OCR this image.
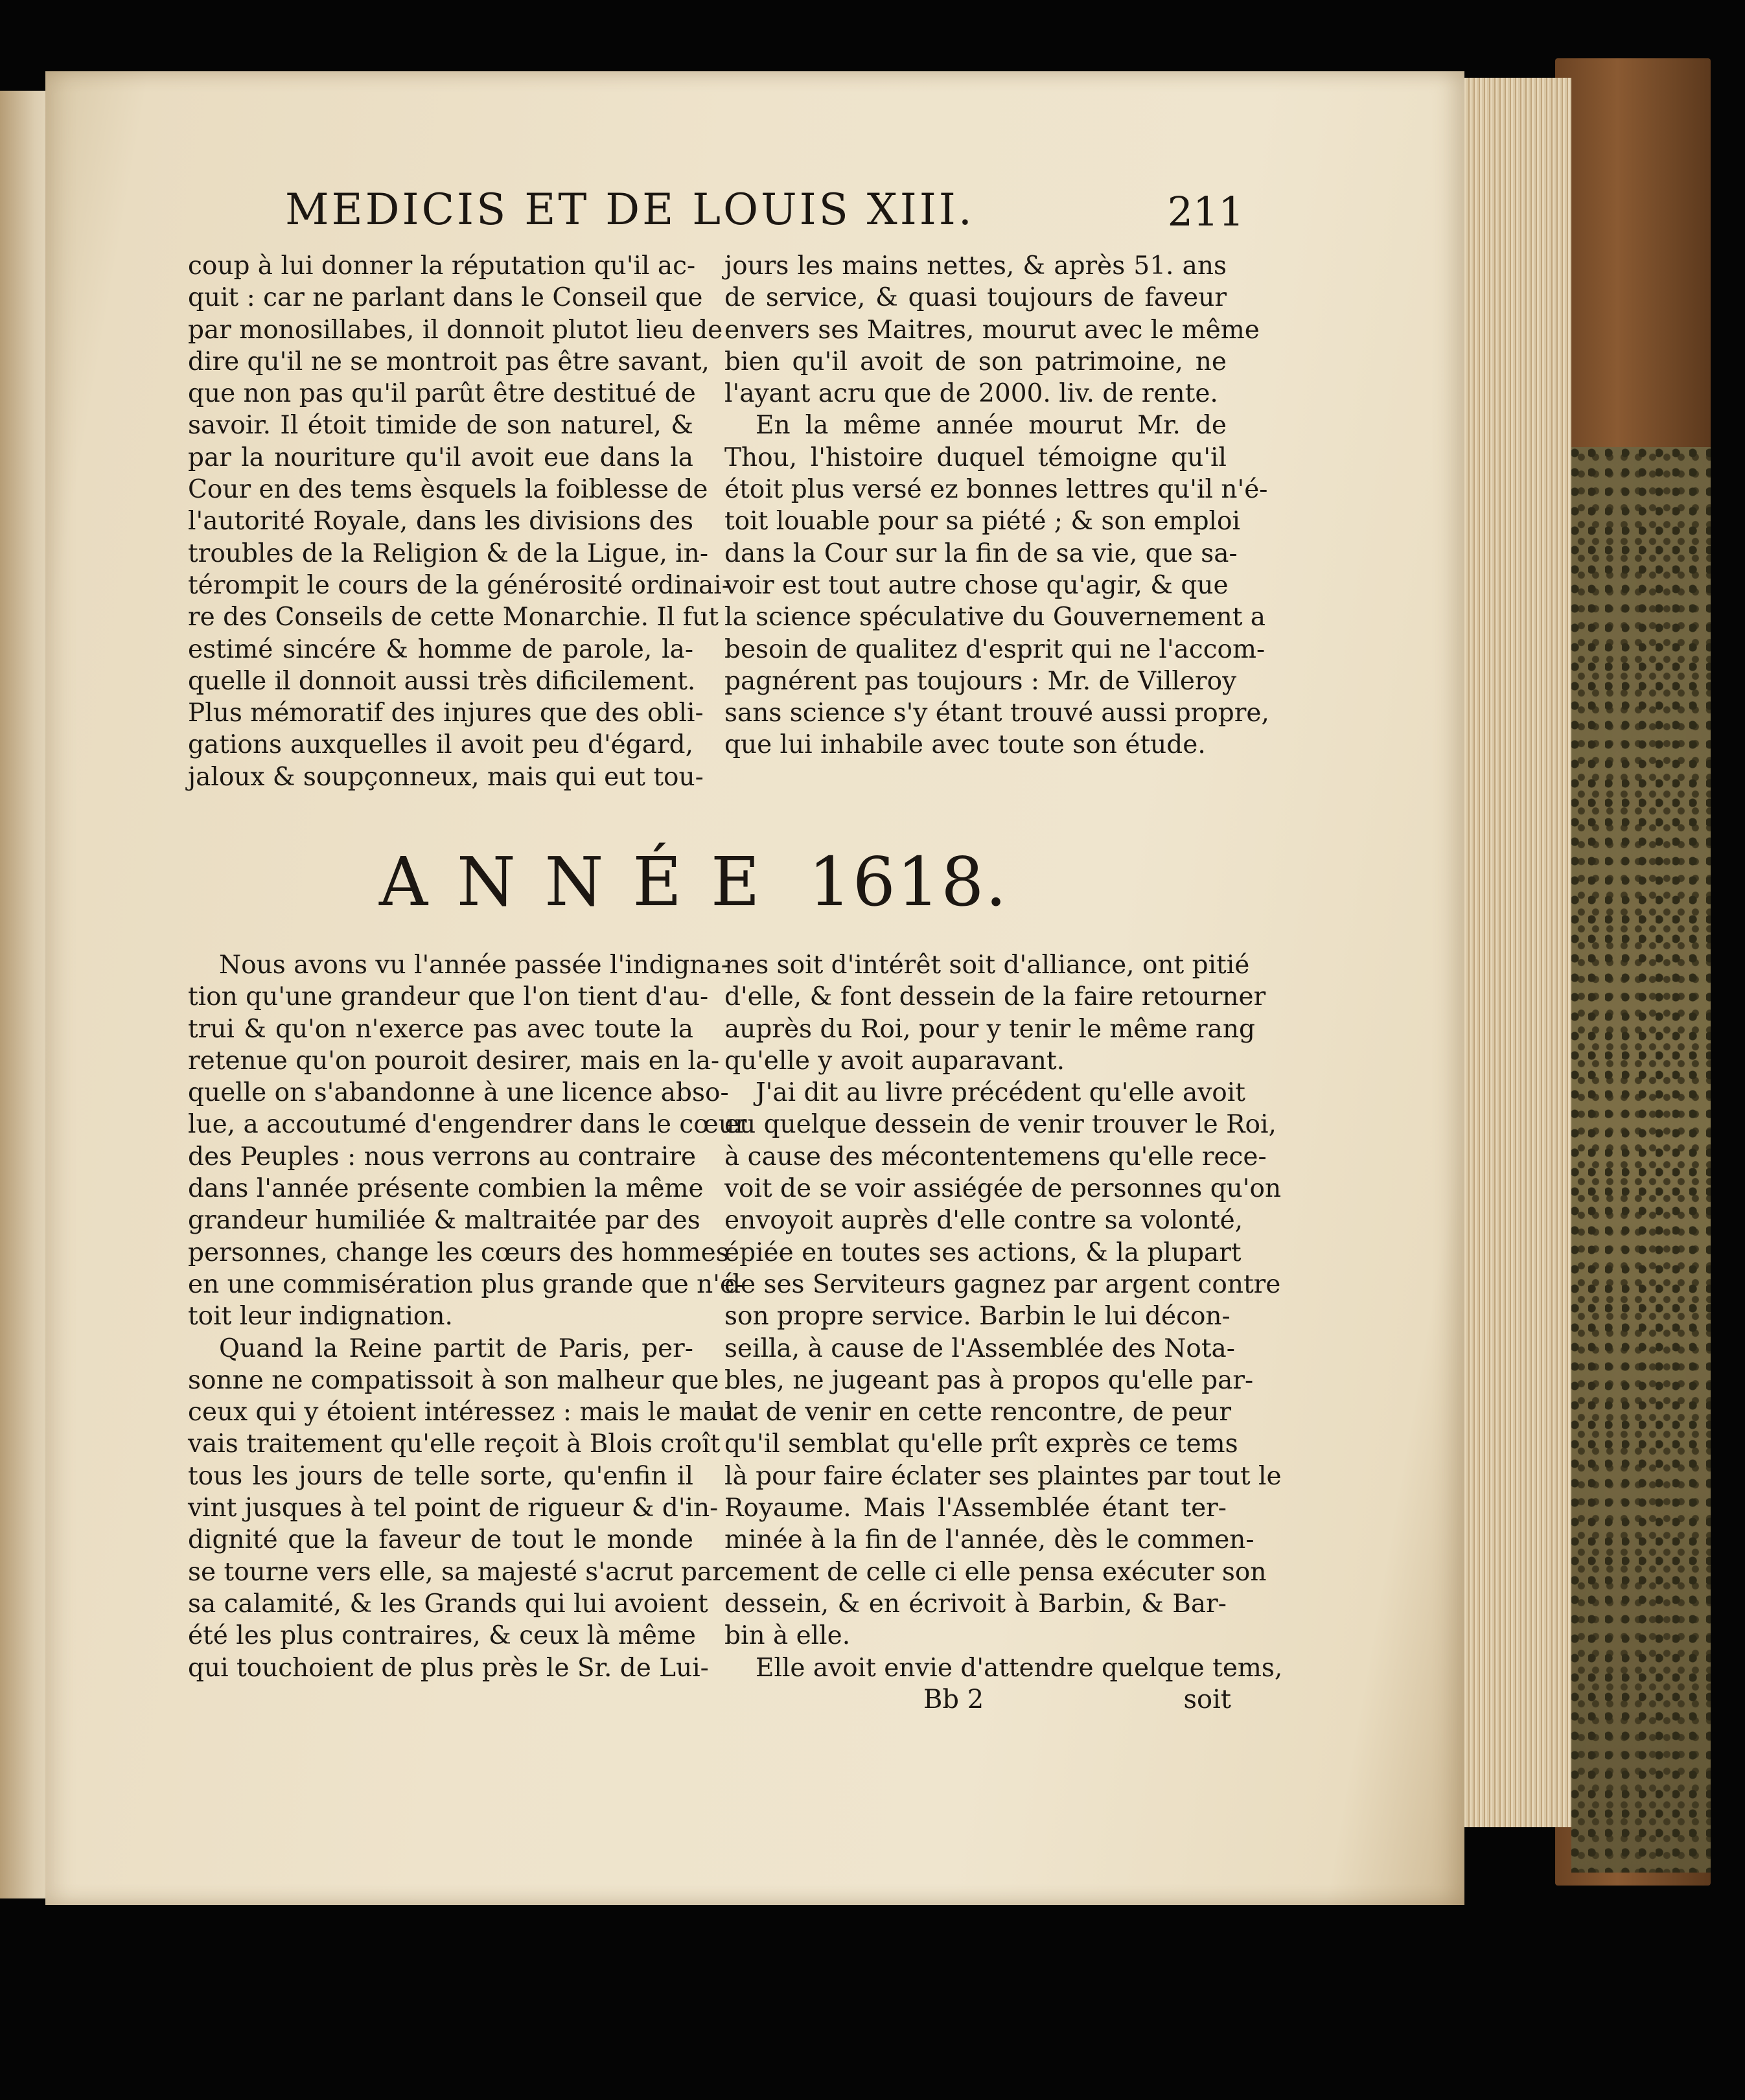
MEDICIS ET DE LOUIS XIII.	211
coup à lui donner la réputation qu'il ac-
quit : car ne parlant dans le Conseil que
par monosillabes, il donnoit plutot lieu de
dire qu'il ne se montroit pas être savant,
que non pas qu'il parût être destitué de
savoir. Il étoit timide de son naturel, &
par la nouriture qu'il avoit eue dans la
Cour en des tems èsquels la foiblesse de
l'autorité Royale, dans les divisions des
troubles de la Religion & de la Ligue, in-
térompit le cours de la générosité ordinai-
re des Conseils de cette Monarchie. Il fut
estimé sincére & homme de parole, la-
quelle il donnoit aussi très dificilement.
Plus mémoratif des injures que des obli-
gations auxquelles il avoit peu d'égard,
jaloux & soupçonneux, mais qui eut tou-
jours les mains nettes, & après 51. ans
de service, & quasi toujours de faveur
envers ses Maitres, mourut avec le même
bien qu'il avoit de son patrimoine, ne
l'ayant acru que de 2000. liv. de rente.
En la même année mourut Mr. de
Thou, l'histoire duquel témoigne qu'il
étoit plus versé ez bonnes lettres qu'il n'é-
toit louable pour sa piété ; & son emploi
dans la Cour sur la fin de sa vie, que sa-
voir est tout autre chose qu'agir, & que
la science spéculative du Gouvernement a
besoin de qualitez d'esprit qui ne l'accom-
pagnérent pas toujours : Mr. de Villeroy
sans science s'y étant trouvé aussi propre,
que lui inhabile avec toute son étude.
ANNÉE 1618.
Nous avons vu l'année passée l'indigna-
tion qu'une grandeur que l'on tient d'au-
trui & qu'on n'exerce pas avec toute la
retenue qu'on pouroit desirer, mais en la-
quelle on s'abandonne à une licence abso-
lue, a accoutumé d'engendrer dans le cœur
des Peuples : nous verrons au contraire
dans l'année présente combien la même
grandeur humiliée & maltraitée par des
personnes, change les cœurs des hommes
en une commisération plus grande que n'é-
toit leur indignation.
Quand la Reine partit de Paris, per-
sonne ne compatissoit à son malheur que
ceux qui y étoient intéressez : mais le mau-
vais traitement qu'elle reçoit à Blois croît
tous les jours de telle sorte, qu'enfin il
vint jusques à tel point de rigueur & d'in-
dignité que la faveur de tout le monde
se tourne vers elle, sa majesté s'acrut par
sa calamité, & les Grands qui lui avoient
été les plus contraires, & ceux là même
qui touchoient de plus près le Sr. de Lui-
nes soit d'intérêt soit d'alliance, ont pitié
d'elle, & font dessein de la faire retourner
auprès du Roi, pour y tenir le même rang
qu'elle y avoit auparavant.
J'ai dit au livre précédent qu'elle avoit
eu quelque dessein de venir trouver le Roi,
à cause des mécontentemens qu'elle rece-
voit de se voir assiégée de personnes qu'on
envoyoit auprès d'elle contre sa volonté,
épiée en toutes ses actions, & la plupart
de ses Serviteurs gagnez par argent contre
son propre service. Barbin le lui décon-
seilla, à cause de l'Assemblée des Nota-
bles, ne jugeant pas à propos qu'elle par-
lat de venir en cette rencontre, de peur
qu'il semblat qu'elle prît exprès ce tems
là pour faire éclater ses plaintes par tout le
Royaume. Mais l'Assemblée étant ter-
minée à la fin de l'année, dès le commen-
cement de celle ci elle pensa exécuter son
dessein, & en écrivoit à Barbin, & Bar-
bin à elle.
Elle avoit envie d'attendre quelque tems,
Bb 2	soit
